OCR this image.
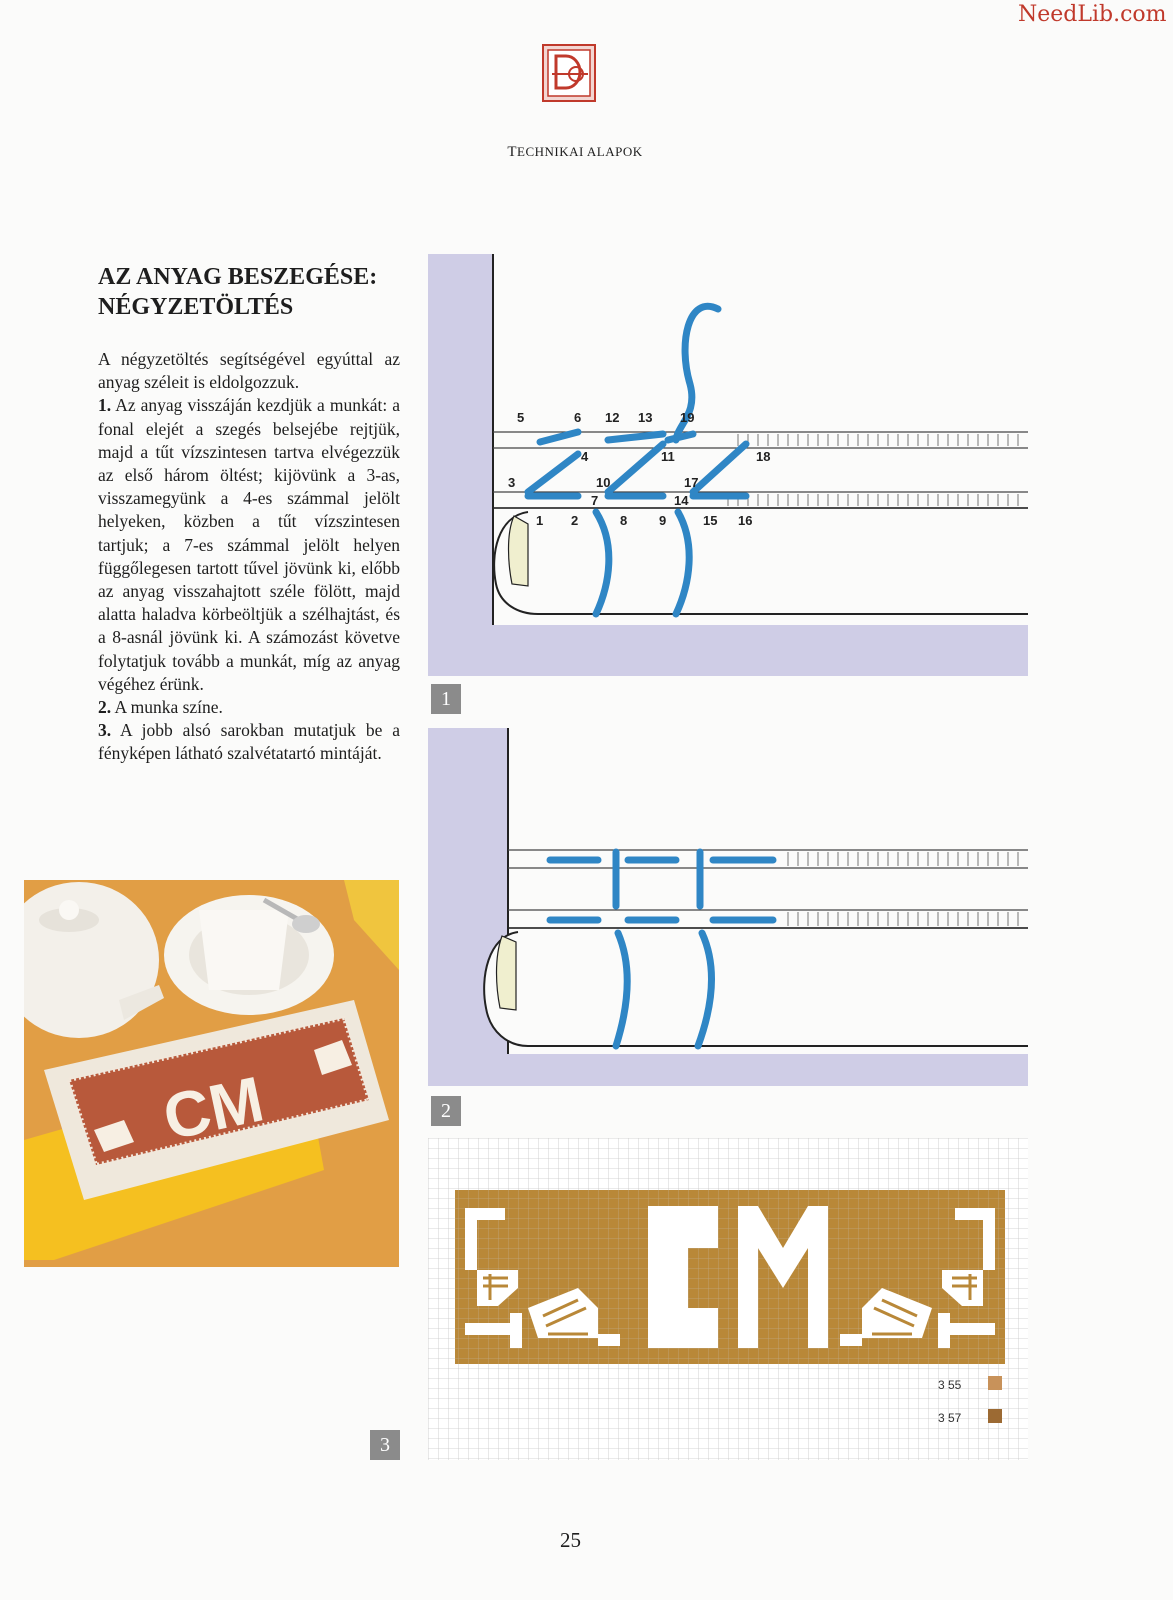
NeedLib.com
TECHNIKAI ALAPOK
AZ ANYAG BESZEGÉSE:
NÉGYZETÖLTÉS

A négyzetöltés segítségével egyúttal az anyag széleit is eldolgozzuk.

1. Az anyag visszáján kezdjük a munkát: a fonal elejét a szegés belsejébe rejtjük, majd a tűt vízszintesen tartva elvégezzük az első három öltést; kijövünk a 3-as, visszamegyünk a 4-es számmal jelölt helyeken, közben a tűt vízszintesen tartjuk; a 7-es számmal jelölt helyen függőlegesen tartott tűvel jövünk ki, előbb az anyag visszahajtott széle fölött, majd alatta haladva körbeöltjük a szélhajtást, és a 8-asnál jövünk ki. A számozást követve folytatjuk tovább a munkát, míg az anyag végéhez érünk.

2. A munka színe.

3. A jobb alsó sarokban mutatjuk be a fényképen látható szalvétatartó mintáját.

5	6 12 13 19
4	11	18
3	10	17
7	14
1 2	8 9	15 16
1
2
3 55
3 57
3
CM
25
